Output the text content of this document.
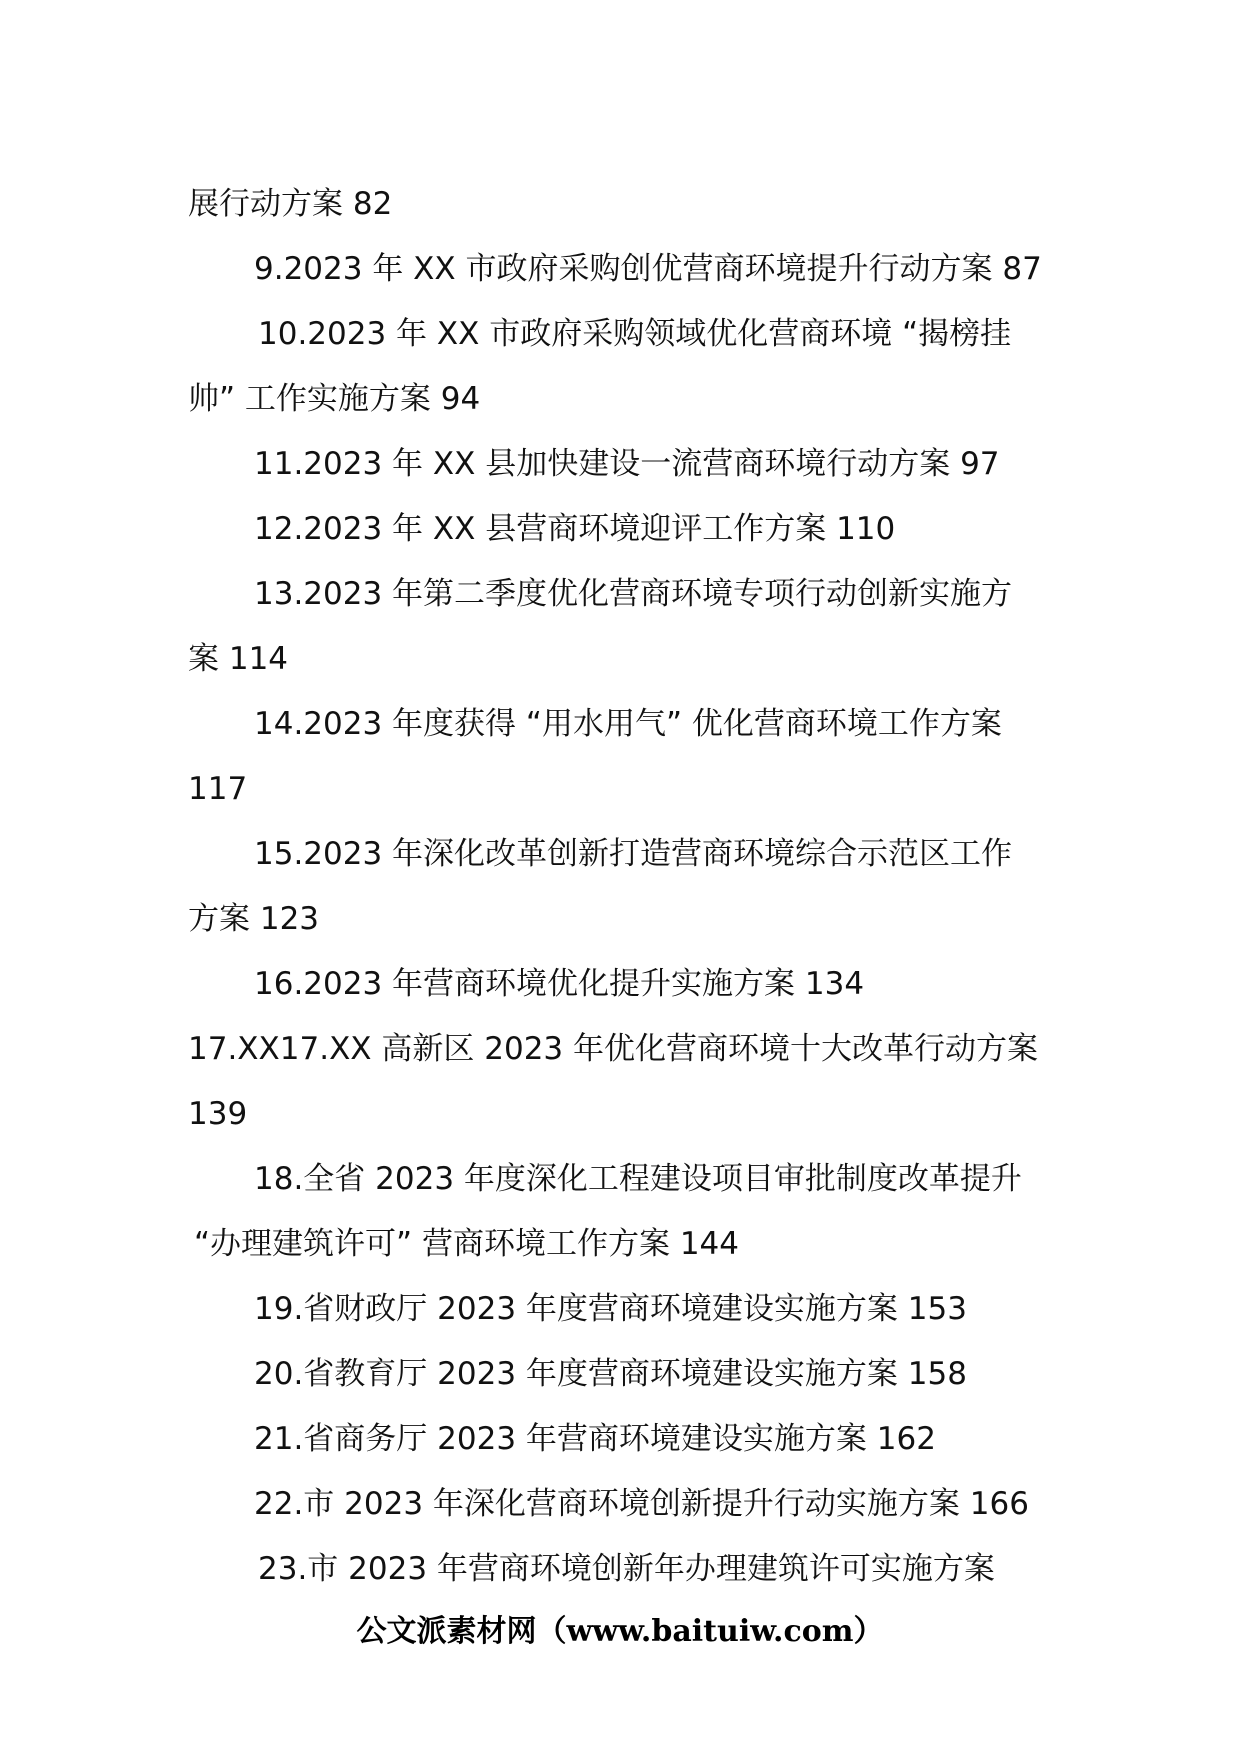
展行动方案 82
9.2023 年 XX 市政府采购创优营商环境提升行动方案 87
10.2023 年 XX 市政府采购领域优化营商环境 “揭榜挂
帅” 工作实施方案 94
11.2023 年 XX 县加快建设一流营商环境行动方案 97
12.2023 年 XX 县营商环境迎评工作方案 110
13.2023 年第二季度优化营商环境专项行动创新实施方
案 114
14.2023 年度获得 “用水用气” 优化营商环境工作方案
117
15.2023 年深化改革创新打造营商环境综合示范区工作
方案 123
16.2023 年营商环境优化提升实施方案 134
17.XX17.XX 高新区 2023 年优化营商环境十大改革行动方案
139
18.全省 2023 年度深化工程建设项目审批制度改革提升
“办理建筑许可” 营商环境工作方案 144
19.省财政厅 2023 年度营商环境建设实施方案 153
20.省教育厅 2023 年度营商环境建设实施方案 158
21.省商务厅 2023 年营商环境建设实施方案 162
22.市 2023 年深化营商环境创新提升行动实施方案 166
23.市 2023 年营商环境创新年办理建筑许可实施方案
公文派素材网（www.baituiw.com）
